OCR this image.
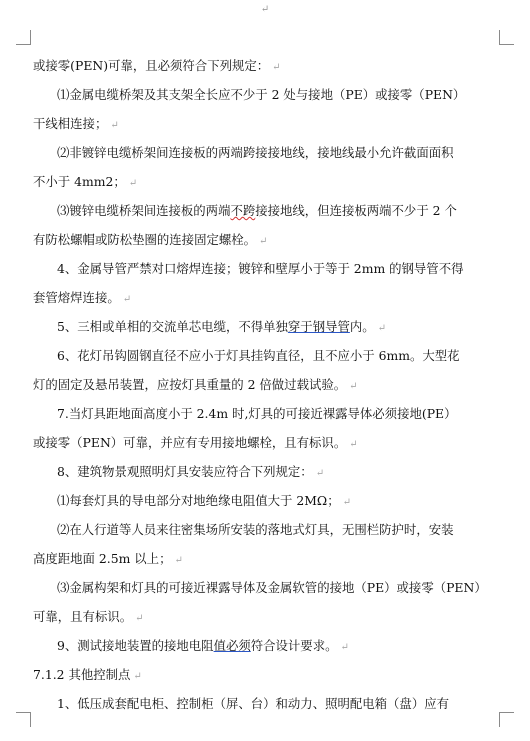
↵
或接零(PEN)可靠，且必须符合下列规定： ↵
⑴金属电缆桥架及其支架全长应不少于 2 处与接地（PE）或接零（PEN）
干线相连接； ↵
⑵非镀锌电缆桥架间连接板的两端跨接接地线，接地线最小允许截面面积
不小于 4mm2； ↵
⑶镀锌电缆桥架间连接板的两端不跨接接地线，但连接板两端不少于 2 个
有防松螺帽或防松垫圈的连接固定螺栓。 ↵
4、金属导管严禁对口熔焊连接；镀锌和壁厚小于等于 2mm 的钢导管不得
套管熔焊连接。 ↵
5、三相或单相的交流单芯电缆，不得单独穿于钢导管内。 ↵
6、花灯吊钩圆钢直径不应小于灯具挂钩直径，且不应小于 6mm。大型花
灯的固定及悬吊装置，应按灯具重量的 2 倍做过载试验。 ↵
7.当灯具距地面高度小于 2.4m 时,灯具的可接近裸露导体必须接地(PE）
或接零（PEN）可靠，并应有专用接地螺栓，且有标识。 ↵
8、建筑物景观照明灯具安装应符合下列规定： ↵
⑴每套灯具的导电部分对地绝缘电阻值大于 2MΩ； ↵
⑵在人行道等人员来往密集场所安装的落地式灯具，无围栏防护时，安装
高度距地面 2.5m 以上； ↵
⑶金属构架和灯具的可接近裸露导体及金属软管的接地（PE）或接零（PEN）
可靠，且有标识。 ↵
9、测试接地装置的接地电阻值必须符合设计要求。 ↵
7.1.2 其他控制点 ↵
1、低压成套配电柜、控制柜（屏、台）和动力、照明配电箱（盘）应有
